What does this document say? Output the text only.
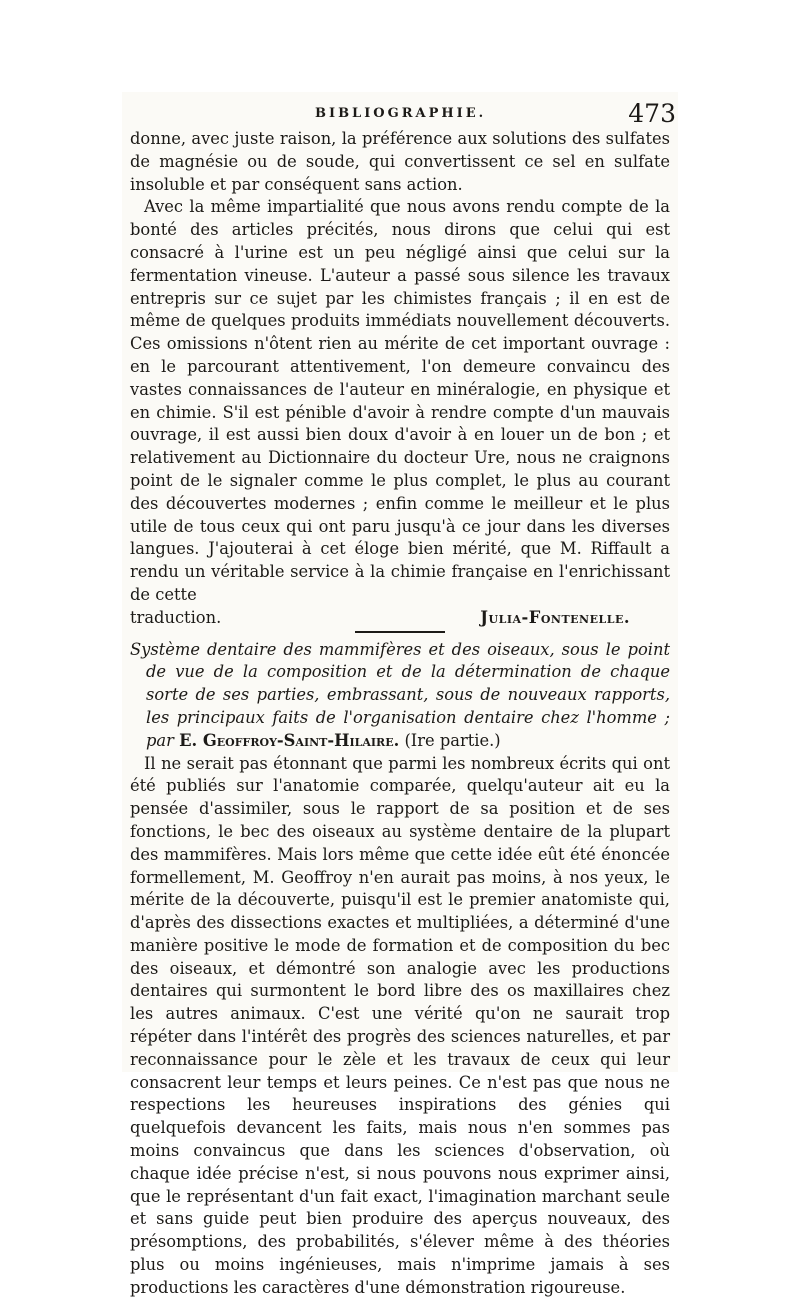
BIBLIOGRAPHIE.	473

donne, avec juste raison, la préférence aux solutions des sulfates de magnésie ou de soude, qui convertissent ce sel en sulfate insoluble et par conséquent sans action.

Avec la même impartialité que nous avons rendu compte de la bonté des articles précités, nous dirons que celui qui est consacré à l'urine est un peu négligé ainsi que celui sur la fermentation vineuse. L'auteur a passé sous silence les travaux entrepris sur ce sujet par les chimistes français ; il en est de même de quelques produits immédiats nouvellement découverts. Ces omissions n'ôtent rien au mérite de cet important ouvrage : en le parcourant attentivement, l'on demeure convaincu des vastes connaissances de l'auteur en minéralogie, en physique et en chimie. S'il est pénible d'avoir à rendre compte d'un mauvais ouvrage, il est aussi bien doux d'avoir à en louer un de bon ; et relativement au Dictionnaire du docteur Ure, nous ne craignons point de le signaler comme le plus complet, le plus au courant des découvertes modernes ; enfin comme le meilleur et le plus utile de tous ceux qui ont paru jusqu'à ce jour dans les diverses langues. J'ajouterai à cet éloge bien mérité, que M. Riffault a rendu un véritable service à la chimie française en l'enrichissant de cette

traduction.	Julia-Fontenelle.

Système dentaire des mammifères et des oiseaux, sous le point de vue de la composition et de la détermination de chaque sorte de ses parties, embrassant, sous de nouveaux rapports, les principaux faits de l'organisation dentaire chez l'homme ; par E. Geoffroy-Saint-Hilaire. (Ire partie.)

Il ne serait pas étonnant que parmi les nombreux écrits qui ont été publiés sur l'anatomie comparée, quelqu'auteur ait eu la pensée d'assimiler, sous le rapport de sa position et de ses fonctions, le bec des oiseaux au système dentaire de la plupart des mammifères. Mais lors même que cette idée eût été énoncée formellement, M. Geoffroy n'en aurait pas moins, à nos yeux, le mérite de la découverte, puisqu'il est le premier anatomiste qui, d'après des dissections exactes et multipliées, a déterminé d'une manière positive le mode de formation et de composition du bec des oiseaux, et démontré son analogie avec les productions dentaires qui surmontent le bord libre des os maxillaires chez les autres animaux. C'est une vérité qu'on ne saurait trop répéter dans l'intérêt des progrès des sciences naturelles, et par reconnaissance pour le zèle et les travaux de ceux qui leur consacrent leur temps et leurs peines. Ce n'est pas que nous ne respections les heureuses inspirations des génies qui quelquefois devancent les faits, mais nous n'en sommes pas moins convaincus que dans les sciences d'observation, où chaque idée précise n'est, si nous pouvons nous exprimer ainsi, que le représentant d'un fait exact, l'imagination marchant seule et sans guide peut bien produire des aperçus nouveaux, des présomptions, des probabilités, s'élever même à des théories plus ou moins ingénieuses, mais n'imprime jamais à ses productions les caractères d'une démonstration rigoureuse.
